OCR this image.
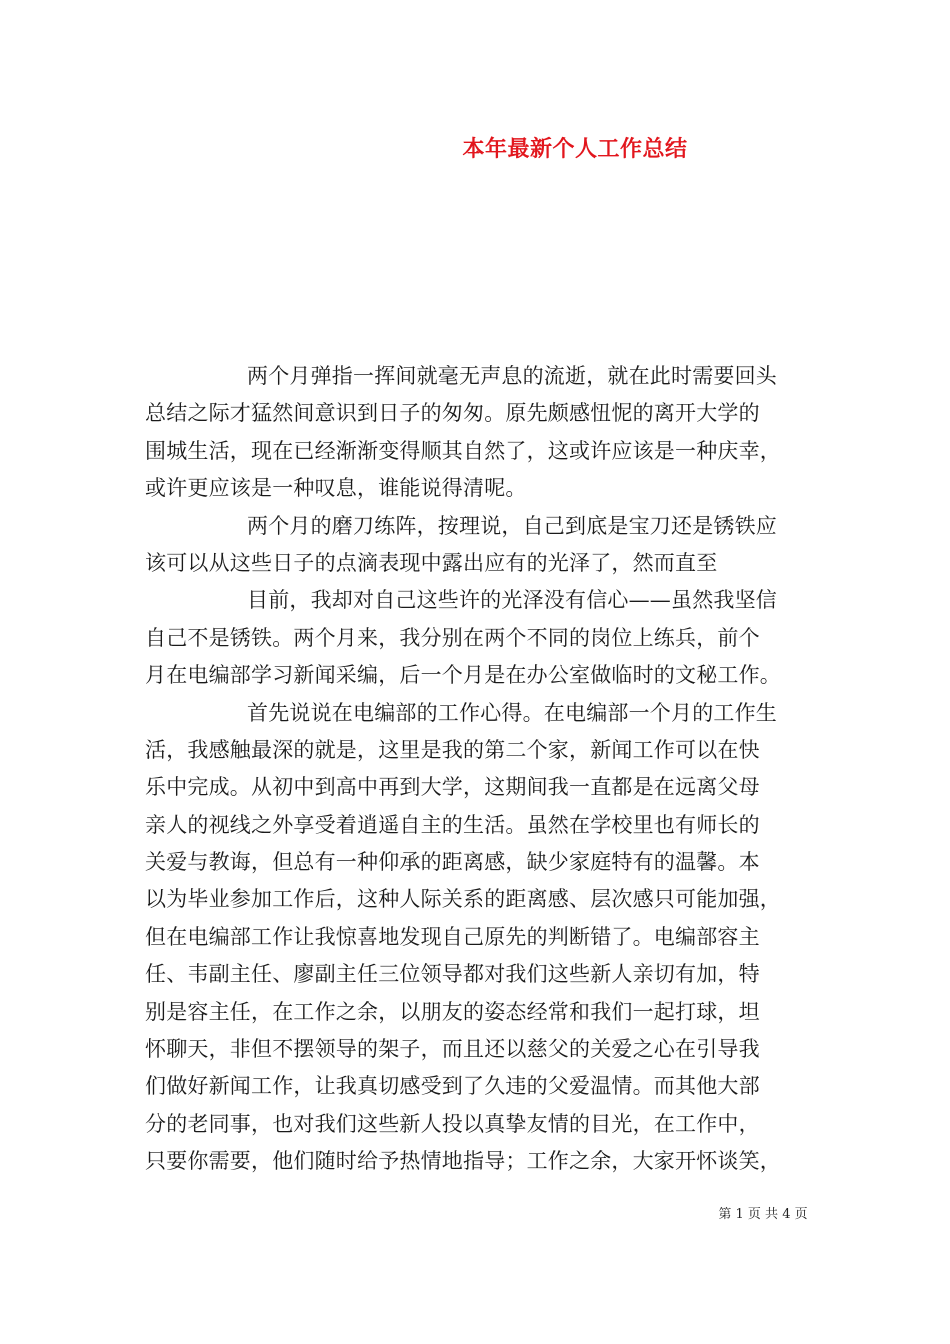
本年最新个人工作总结
两个月弹指一挥间就毫无声息的流逝，就在此时需要回头
总结之际才猛然间意识到日子的匆匆。原先颇感忸怩的离开大学的
围城生活，现在已经渐渐变得顺其自然了，这或许应该是一种庆幸，
或许更应该是一种叹息，谁能说得清呢。
两个月的磨刀练阵，按理说，自己到底是宝刀还是锈铁应
该可以从这些日子的点滴表现中露出应有的光泽了，然而直至
目前，我却对自己这些许的光泽没有信心——虽然我坚信
自己不是锈铁。两个月来，我分别在两个不同的岗位上练兵，前个
月在电编部学习新闻采编，后一个月是在办公室做临时的文秘工作。
首先说说在电编部的工作心得。在电编部一个月的工作生
活，我感触最深的就是，这里是我的第二个家，新闻工作可以在快
乐中完成。从初中到高中再到大学，这期间我一直都是在远离父母
亲人的视线之外享受着逍遥自主的生活。虽然在学校里也有师长的
关爱与教诲，但总有一种仰承的距离感，缺少家庭特有的温馨。本
以为毕业参加工作后，这种人际关系的距离感、层次感只可能加强，
但在电编部工作让我惊喜地发现自己原先的判断错了。电编部容主
任、韦副主任、廖副主任三位领导都对我们这些新人亲切有加，特
别是容主任，在工作之余，以朋友的姿态经常和我们一起打球，坦
怀聊天，非但不摆领导的架子，而且还以慈父的关爱之心在引导我
们做好新闻工作，让我真切感受到了久违的父爱温情。而其他大部
分的老同事，也对我们这些新人投以真挚友情的目光，在工作中，
只要你需要，他们随时给予热情地指导；工作之余，大家开怀谈笑，
第 1 页 共 4 页
